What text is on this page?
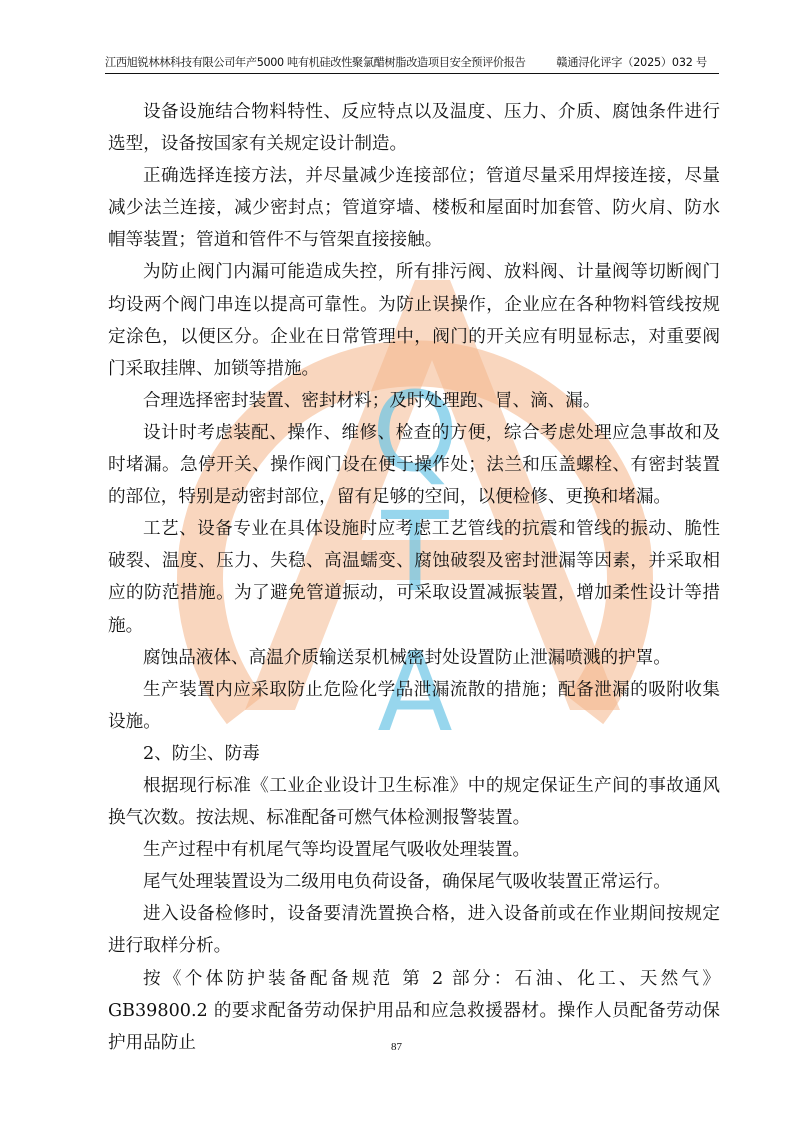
Q
T
A
江西旭锐林林科技有限公司年产5000 吨有机硅改性聚氯醋树脂改造项目安全预评价报告	赣通浔化评字（2025）032 号

设备设施结合物料特性、反应特点以及温度、压力、介质、腐蚀条件进行选型，设备按国家有关规定设计制造。

正确选择连接方法，并尽量减少连接部位；管道尽量采用焊接连接，尽量减少法兰连接，减少密封点；管道穿墙、楼板和屋面时加套管、防火肩、防水帽等装置；管道和管件不与管架直接接触。

为防止阀门内漏可能造成失控，所有排污阀、放料阀、计量阀等切断阀门均设两个阀门串连以提高可靠性。为防止误操作，企业应在各种物料管线按规定涂色，以便区分。企业在日常管理中，阀门的开关应有明显标志，对重要阀门采取挂牌、加锁等措施。

合理选择密封装置、密封材料；及时处理跑、冒、滴、漏。

设计时考虑装配、操作、维修、检查的方便，综合考虑处理应急事故和及时堵漏。急停开关、操作阀门设在便于操作处；法兰和压盖螺栓、有密封装置的部位，特别是动密封部位，留有足够的空间，以便检修、更换和堵漏。

工艺、设备专业在具体设施时应考虑工艺管线的抗震和管线的振动、脆性破裂、温度、压力、失稳、高温蠕变、腐蚀破裂及密封泄漏等因素，并采取相应的防范措施。为了避免管道振动，可采取设置减振装置，增加柔性设计等措施。

腐蚀品液体、高温介质输送泵机械密封处设置防止泄漏喷溅的护罩。

生产装置内应采取防止危险化学品泄漏流散的措施；配备泄漏的吸附收集设施。

2、防尘、防毒

根据现行标准《工业企业设计卫生标准》中的规定保证生产间的事故通风换气次数。按法规、标准配备可燃气体检测报警装置。

生产过程中有机尾气等均设置尾气吸收处理装置。

尾气处理装置设为二级用电负荷设备，确保尾气吸收装置正常运行。

进入设备检修时，设备要清洗置换合格，进入设备前或在作业期间按规定进行取样分析。

按《个体防护装备配备规范 第 2 部分：石油、化工、天然气》GB39800.2 的要求配备劳动保护用品和应急救援器材。操作人员配备劳动保护用品防止	87
